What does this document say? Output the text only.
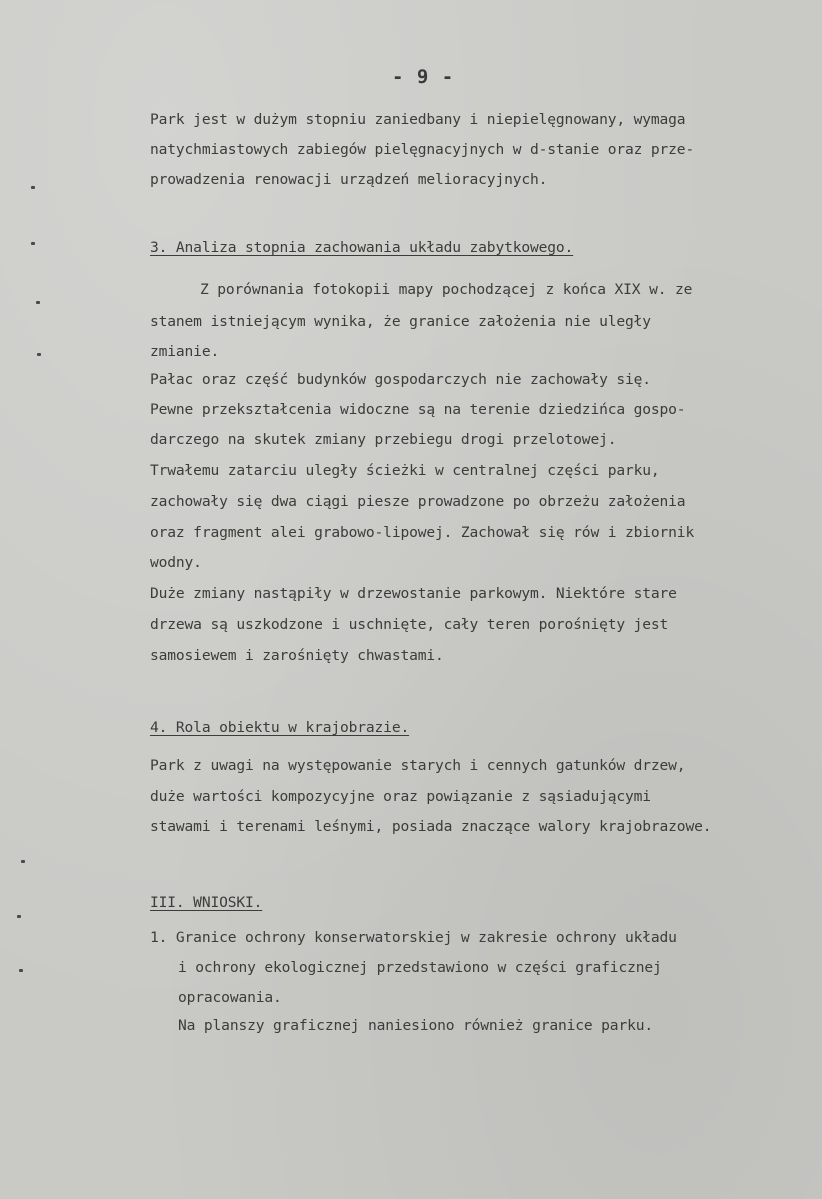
- 9 -
Park jest w dużym stopniu zaniedbany i niepielęgnowany, wymaga
natychmiastowych zabiegów pielęgnacyjnych w d-stanie oraz prze-
prowadzenia renowacji urządzeń melioracyjnych.
3. Analiza stopnia zachowania układu zabytkowego.
Z porównania fotokopii mapy pochodzącej z końca XIX w. ze
stanem istniejącym wynika, że granice założenia nie uległy
zmianie.
Pałac oraz część budynków gospodarczych nie zachowały się.
Pewne przekształcenia widoczne są na terenie dziedzińca gospo-
darczego na skutek zmiany przebiegu drogi przelotowej.
Trwałemu zatarciu uległy ścieżki w centralnej części parku,
zachowały się dwa ciągi piesze prowadzone po obrzeżu założenia
oraz fragment alei grabowo-lipowej. Zachował się rów i zbiornik
wodny.
Duże zmiany nastąpiły w drzewostanie parkowym. Niektóre stare
drzewa są uszkodzone i uschnięte, cały teren porośnięty jest
samosiewem i zarośnięty chwastami.
4. Rola obiektu w krajobrazie.
Park z uwagi na występowanie starych i cennych gatunków drzew,
duże wartości kompozycyjne oraz powiązanie z sąsiadującymi
stawami i terenami leśnymi, posiada znaczące walory krajobrazowe.
III. WNIOSKI.
1. Granice ochrony konserwatorskiej w zakresie ochrony układu
i ochrony ekologicznej przedstawiono w części graficznej
opracowania.
Na planszy graficznej naniesiono również granice parku.
